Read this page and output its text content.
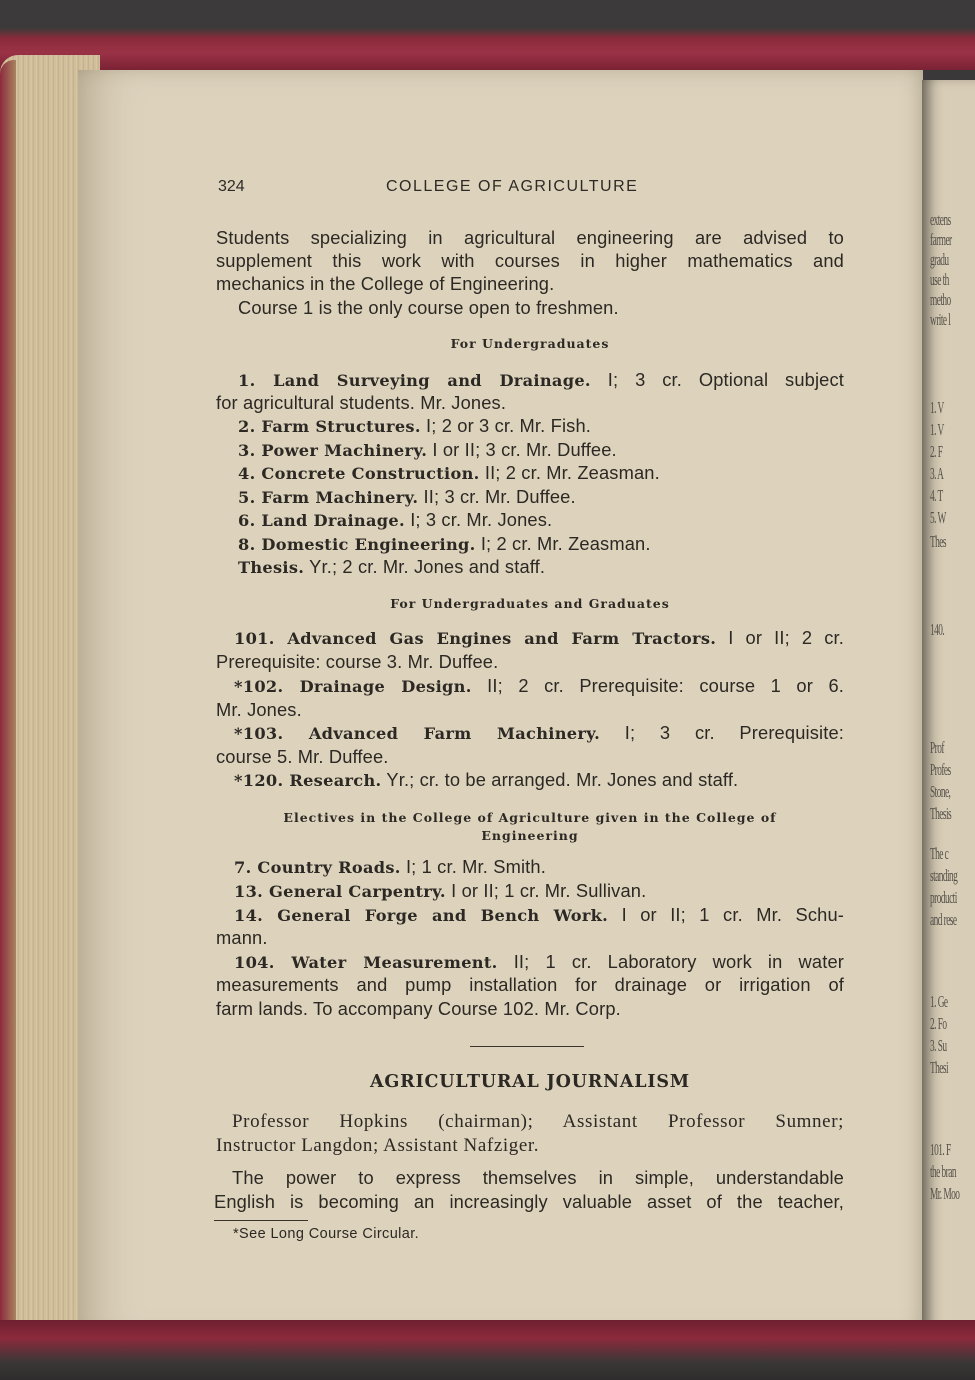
extens
farmer
gradu
use th
metho
write l
1. V
1. V
2. F
3. A
4. T
5. W
Thes
140.
Prof
Profes
Stone,
Thesis
The c
standing
producti
and rese
1. Ge
2. Fo
3. Su
Thesi
101. F
the bran
Mr. Moo
324	COLLEGE OF AGRICULTURE
Students specializing in agricultural engineering are advised to
supplement this work with courses in higher mathematics and
mechanics in the College of Engineering.
Course 1 is the only course open to freshmen.
For Undergraduates
1. Land Surveying and Drainage. I; 3 cr. Optional subject
for agricultural students. Mr. Jones.
2. Farm Structures. I; 2 or 3 cr. Mr. Fish.
3. Power Machinery. I or II; 3 cr. Mr. Duffee.
4. Concrete Construction. II; 2 cr. Mr. Zeasman.
5. Farm Machinery. II; 3 cr. Mr. Duffee.
6. Land Drainage. I; 3 cr. Mr. Jones.
8. Domestic Engineering. I; 2 cr. Mr. Zeasman.
Thesis. Yr.; 2 cr. Mr. Jones and staff.
For Undergraduates and Graduates
101. Advanced Gas Engines and Farm Tractors. I or II; 2 cr.
Prerequisite: course 3. Mr. Duffee.
*102. Drainage Design. II; 2 cr. Prerequisite: course 1 or 6.
Mr. Jones.
*103. Advanced Farm Machinery. I; 3 cr. Prerequisite:
course 5. Mr. Duffee.
*120. Research. Yr.; cr. to be arranged. Mr. Jones and staff.
Electives in the College of Agriculture given in the College of
Engineering
7. Country Roads. I; 1 cr. Mr. Smith.
13. General Carpentry. I or II; 1 cr. Mr. Sullivan.
14. General Forge and Bench Work. I or II; 1 cr. Mr. Schu-
mann.
104. Water Measurement. II; 1 cr. Laboratory work in water
measurements and pump installation for drainage or irrigation of
farm lands. To accompany Course 102. Mr. Corp.
AGRICULTURAL JOURNALISM
Professor Hopkins (chairman); Assistant Professor Sumner;
Instructor Langdon; Assistant Nafziger.
The power to express themselves in simple, understandable
English is becoming an increasingly valuable asset of the teacher,
*See Long Course Circular.
